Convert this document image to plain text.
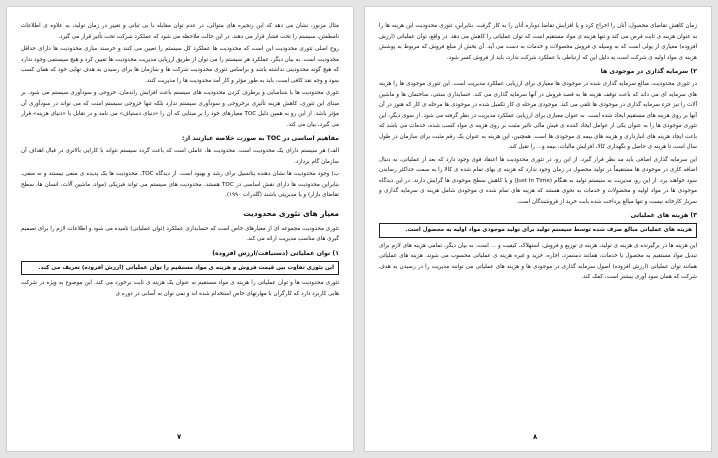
مثال مزبور، نشان می دهد که این زنجیره های متوالی، در عدم توان مقابله با بی ثباتی و تغییر در زمان تولید، به علاوه ی اطلاعات نامطمئن، سیستم را تحت فشار قرار می دهند. در این حالت ملاحظه می شود که عملکرد شرکت تحت تأثیر قرار می گیرد.

روح اصلی تئوری محدودیت این است که محدودیت ها عملکرد کل سیستم را تعیین می کنند و خرسند سازی محدودیت ها دارای حداقل محدودیت است. به بیان دیگر، عملکرد هر سیستم را می توان از طریق ارزیابی مدیریت محدودیت ها تعیین کرد و هیچ سیستمی وجود ندارد که هیچ گونه محدودیتی نداشته باشد و براساس تئوری محدودیت شرکت ها و سازمان ها برای رسیدن به هدف نهایی خود که همان کسب سود و وجه نقد کافی است، باید به طور مؤثر و کار آمد محدودیت ها را مدیریت کنند.

تئوری محدودیت ها با شناسایی و برطرف کردن محدودیت های سیستم باعث افزایش راندمان، خروجی و سودآوری سیستم می شود. بر مبنای این تئوری، کاهش هزینه تأثیری برخروجی و سودآوری سیستم ندارد بلکه تنها خروجی سیستم است که می تواند در سودآوری آن مؤثر باشد. از این رو به همین دلیل TOC معیارهای خود را بر مبنایی که آن را «دنیای دستیاف» می نامد و در تقابل با «دنیای هزینه» قرار می گیرد، بیان می کند.

مفاهیم اساسی در TOC به صورت خلاصه عبارتند از:

الف) هر سیستم دارای یک محدودیت است. محدودیت ها، عاملی است که باعث گردد سیستم نتواند با کارایی بالاتری در قبال اهداف آن سازمان گام بردارد.

ب) وجود محدودیت ها نشان دهنده پتانسیل برای رشد و بهبود است. از دیدگاه TOC، محدودیت ها یک پدیده ی منفی نیستند و نه منفی، بنابراین محدودیت ها دارای نقش اساسی در TOC هستند. محدودیت های سیستم می تواند فیزیکی (مواد، ماشین آلات، انسان ها، سطح تقاضای بازار) و یا مدیریتی باشند (گلدرات ۱۹۹۰).

معیار های تئوری محدودیت

تئوری محدودیت مجموعه ای از معیارهای خاص است که حسابداری عملکرد (توان عملیاتی) نامیده می شود و اطلاعات لازم را برای تصمیم گیری های مناسب مدیریت ارائه می کند.

۱) توان عملیاتی (دستیافت/ارزش افزوده)
این تئوری تفاوت بین قیمت فروش و هزینه ی مواد مستقیم را توان عملیاتی (ارزش افزوده) تعریف می کند.

تئوری محدودیت ها و توان عملیاتی را هزینه ی مواد مستقیم به عنوان یک هزینه ی ثابت برخورد می کند. این موضوع به ویژه در شرکت هایی کاربرد دارد که کارگران با مهارتهای خاص استخدام شده اند و نمی توان به آسانی در دوره ی

۷

زمان کاهش تقاضای محصول، آنان را اخراج کرد و یا افزایش تقاضا دوباره آنان را به کار گرفت. بنابراین، تئوری محدودیت این هزینه ها را به عنوان هزینه ی ثابت فرض می کند و تنها هزینه ی مواد مستقیم است که توان عملیاتی را کاهش می دهد. در واقع، توان عملیاتی (ارزش افزوده) معیاری از پولی است که به وسیله ی فروش محصولات و خدمات به دست می آید. آن بخش از مبلغ فروش که مربوط به پوشش هزینه ی مواد اولیه ی شرکت است به دلیل این که ارتباطی با عملکرد شرکت ندارد، باید از فروش کسر شود.

۲) سرمایه گذاری در موجودی ها

در تئوری محدودیت، مبالغ سرمایه گذاری شده در موجودی ها معیاری برای ارزیابی عملکرد مدیریت است. این تئوری موجودی ها را هزینه های سرمایه ای می داند که باعث توقف هزینه ها به قصد فروش در آنها سرمایه گذاری می کند. حسابداری سنتی، ساختمان ها و ماشین آلات را نیز جزء سرمایه گذاری در موجودی ها تلقی می کند. موجودی مرحله ی کار تکمیل شده در موجودی ها مرحله ی کار که هنوز در آن آنها بر روی هزینه های مستقیم ایجاد شده است. به عنوان معیاری برای ارزیابی عملکرد مدیریت در نظر گرفته می شود. از سوی دیگر، این تئوری موجودی ها را به عنوان یکی از عوامل ایجاد کننده ی فیش مالی تاثیر مثبت بر روی هزینه ی مواد کسب شده، خدمات می باشد که باعث ایجاد هزینه های انبارداری و هزینه های بیمه ی موجودی ها است. همچنین، این هزینه به عنوان یک رقم مثبت برای سازمان در طول سال است تا هزینه ی حاصل و نگهداری کالا، افزایش مالیات، بیمه و... را تقبل کند.

این سرمایه گذاری اضافی باید مد نظر قرار گیرد. از این رو، در تئوری محدودیت ها اعتقاد قوی وجود دارد که بعد از عملیاتی، به دنبال اضافه کاری در موجودی ها مستقیماً در تولید محصول در زمان وجود ندارد که هزینه ی بهای تمام شده ی کالا را به سمت حداکثر رساندن سود خواهند برد. از این رو، مدیریت به سیستم تولید به هنگام (Just In Time) و یا کاهش سطح موجودی ها گرایش دارند. در این دیدگاه موجودی ها در مواد اولیه و محصولات و خدمات به نحوی هستند که هزینه های تمام شده ی موجودی شامل هزینه ی سرمایه گذاری و سربار کارخانه نیست و تنها مبالغ پرداخت شده بابت خرید از فروشندگان است.

۳) هزینه های عملیاتی
هزینه های عملیاتی مبالغ صرف شده توسط سیستم تولید برای تولید موجودی مواد اولیه به محصول است.

این هزینه ها در برگیرنده ی هزینه ی تولید، هزینه ی توزیع و فروش، استهلاک، کیفیت و ... است. به بیان دیگر، تمامی هزینه های لازم برای تبدیل مواد مستقیم به محصول یا خدمات، همانند دستمزد، اجاره، خرید و غیره هزینه ی عملیاتی محسوب می شوند. هزینه های عملیاتی همانند توان عملیاتی (ارزش افزوده) اصول سرمایه گذاری در موجودی ها و هزینه های عملیاتی می توانند مدیریت را در رسیدن به هدف شرکت که همان سود آوری بیشتر است، کمک کند.

۸
